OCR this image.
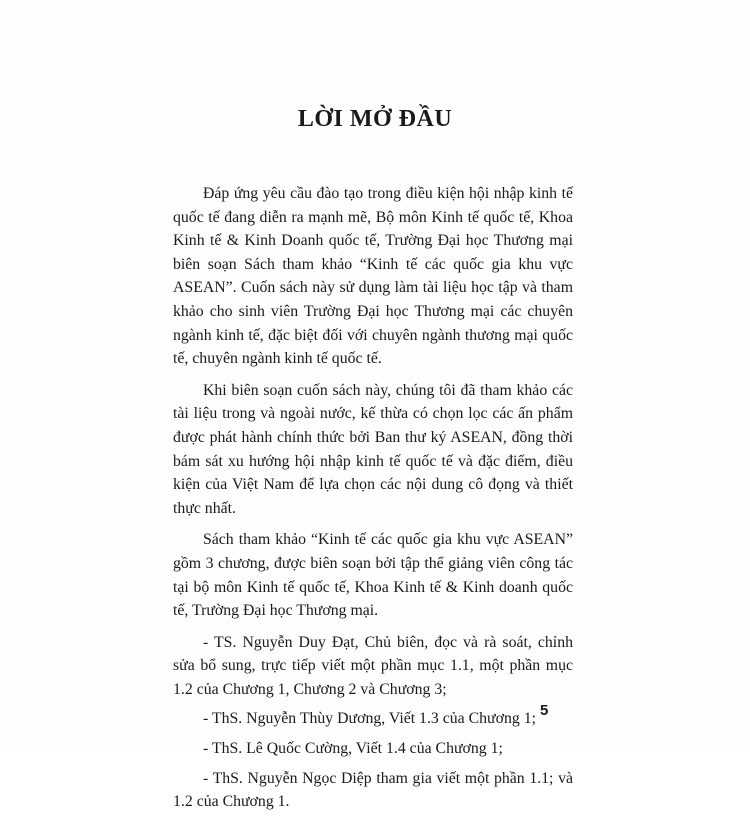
LỜI MỞ ĐẦU

Đáp ứng yêu cầu đào tạo trong điều kiện hội nhập kinh tế quốc tế đang diễn ra mạnh mẽ, Bộ môn Kinh tế quốc tế, Khoa Kinh tế & Kinh Doanh quốc tế, Trường Đại học Thương mại biên soạn Sách tham khảo “Kinh tế các quốc gia khu vực ASEAN”. Cuốn sách này sử dụng làm tài liệu học tập và tham khảo cho sinh viên Trường Đại học Thương mại các chuyên ngành kinh tế, đặc biệt đối với chuyên ngành thương mại quốc tế, chuyên ngành kinh tế quốc tế.

Khi biên soạn cuốn sách này, chúng tôi đã tham khảo các tài liệu trong và ngoài nước, kế thừa có chọn lọc các ấn phẩm được phát hành chính thức bởi Ban thư ký ASEAN, đồng thời bám sát xu hướng hội nhập kinh tế quốc tế và đặc điểm, điều kiện của Việt Nam để lựa chọn các nội dung cô đọng và thiết thực nhất.

Sách tham khảo “Kinh tế các quốc gia khu vực ASEAN” gồm 3 chương, được biên soạn bởi tập thể giảng viên công tác tại bộ môn Kinh tế quốc tế, Khoa Kinh tế & Kinh doanh quốc tế, Trường Đại học Thương mại.

- TS. Nguyễn Duy Đạt, Chủ biên, đọc và rà soát, chỉnh sửa bổ sung, trực tiếp viết một phần mục 1.1, một phần mục 1.2 của Chương 1, Chương 2 và Chương 3;

- ThS. Nguyễn Thùy Dương, Viết 1.3 của Chương 1;

- ThS. Lê Quốc Cường, Viết 1.4 của Chương 1;

- ThS. Nguyễn Ngọc Diệp tham gia viết một phần 1.1; và 1.2 của Chương 1.

5
